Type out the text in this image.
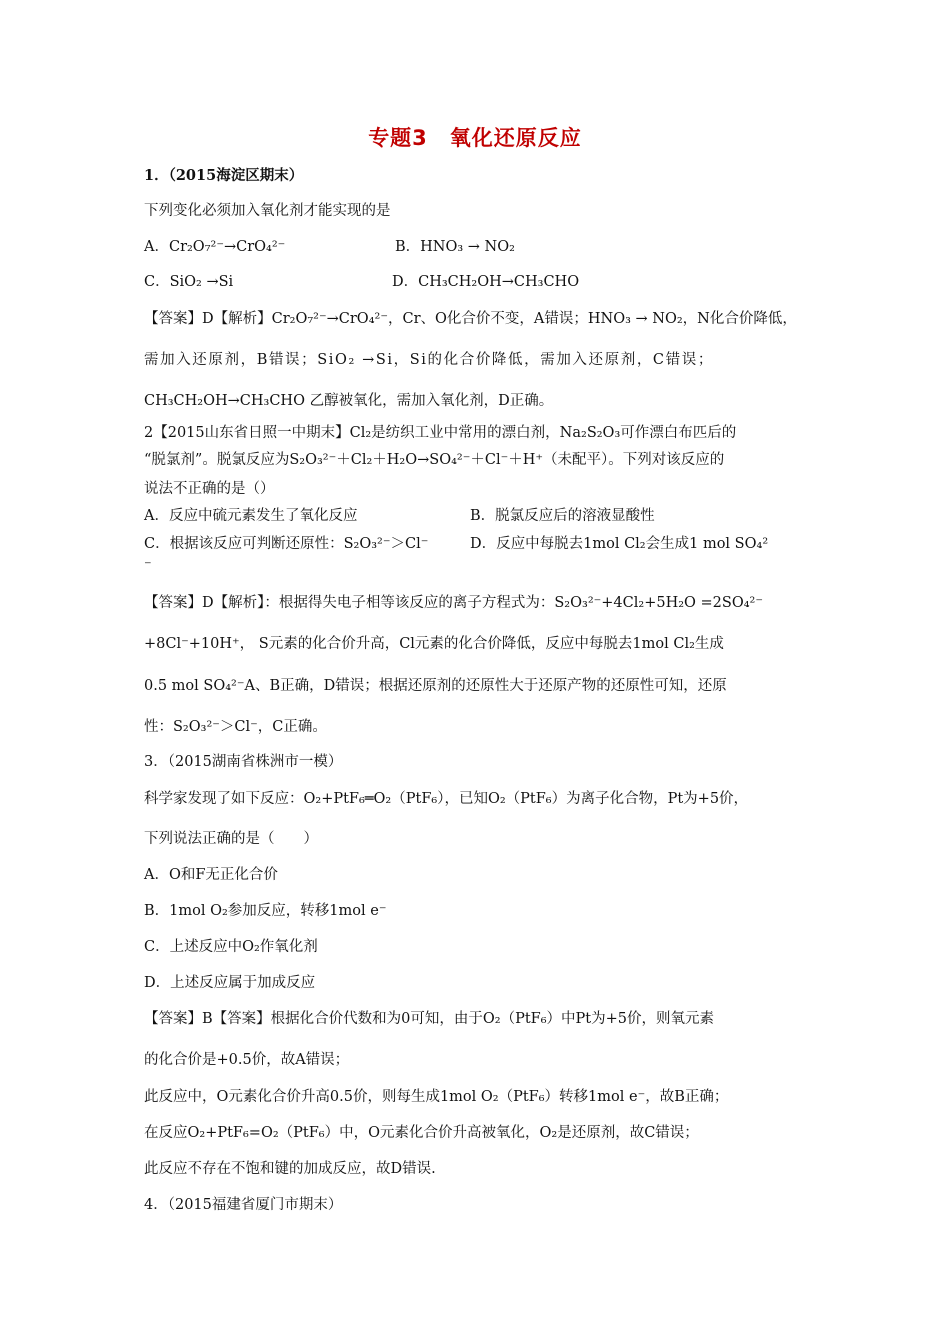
专题3　氧化还原反应
1．（2015海淀区期末）
下列变化必须加入氧化剂才能实现的是
A．Cr₂O₇²⁻→CrO₄²⁻	B．HNO₃ → NO₂
C．SiO₂ →Si	D．CH₃CH₂OH→CH₃CHO
【答案】D【解析】Cr₂O₇²⁻→CrO₄²⁻，Cr、O化合价不变，A错误；HNO₃ → NO₂，N化合价降低，
需加入还原剂，B错误；SiO₂ →Si，Si的化合价降低，需加入还原剂，C错误；
CH₃CH₂OH→CH₃CHO 乙醇被氧化，需加入氧化剂，D正确。
2【2015山东省日照一中期末】Cl₂是纺织工业中常用的漂白剂，Na₂S₂O₃可作漂白布匹后的
“脱氯剂”。脱氯反应为S₂O₃²⁻＋Cl₂＋H₂O→SO₄²⁻＋Cl⁻＋H⁺（未配平）。下列对该反应的
说法不正确的是（）
A．反应中硫元素发生了氧化反应	B．脱氯反应后的溶液显酸性
C．根据该反应可判断还原性：S₂O₃²⁻＞Cl⁻	D．反应中每脱去1mol Cl₂会生成1 mol SO₄²
⁻
【答案】D【解析】：根据得失电子相等该反应的离子方程式为：S₂O₃²⁻+4Cl₂+5H₂O =2SO₄²⁻
+8Cl⁻+10H⁺， S元素的化合价升高，Cl元素的化合价降低，反应中每脱去1mol Cl₂生成
0.5 mol SO₄²⁻A、B正确，D错误；根据还原剂的还原性大于还原产物的还原性可知，还原
性：S₂O₃²⁻＞Cl⁻，C正确。
3．（2015湖南省株洲市一模）
科学家发现了如下反应：O₂+PtF₆═O₂（PtF₆），已知O₂（PtF₆）为离子化合物，Pt为+5价，
下列说法正确的是（　　）
A．O和F无正化合价
B．1mol O₂参加反应，转移1mol e⁻
C．上述反应中O₂作氧化剂
D．上述反应属于加成反应
【答案】B【答案】根据化合价代数和为0可知，由于O₂（PtF₆）中Pt为+5价，则氧元素
的化合价是+0.5价，故A错误；
此反应中，O元素化合价升高0.5价，则每生成1mol O₂（PtF₆）转移1mol e⁻，故B正确；
在反应O₂+PtF₆=O₂（PtF₆）中，O元素化合价升高被氧化，O₂是还原剂，故C错误；
此反应不存在不饱和键的加成反应，故D错误.
4．（2015福建省厦门市期末）
